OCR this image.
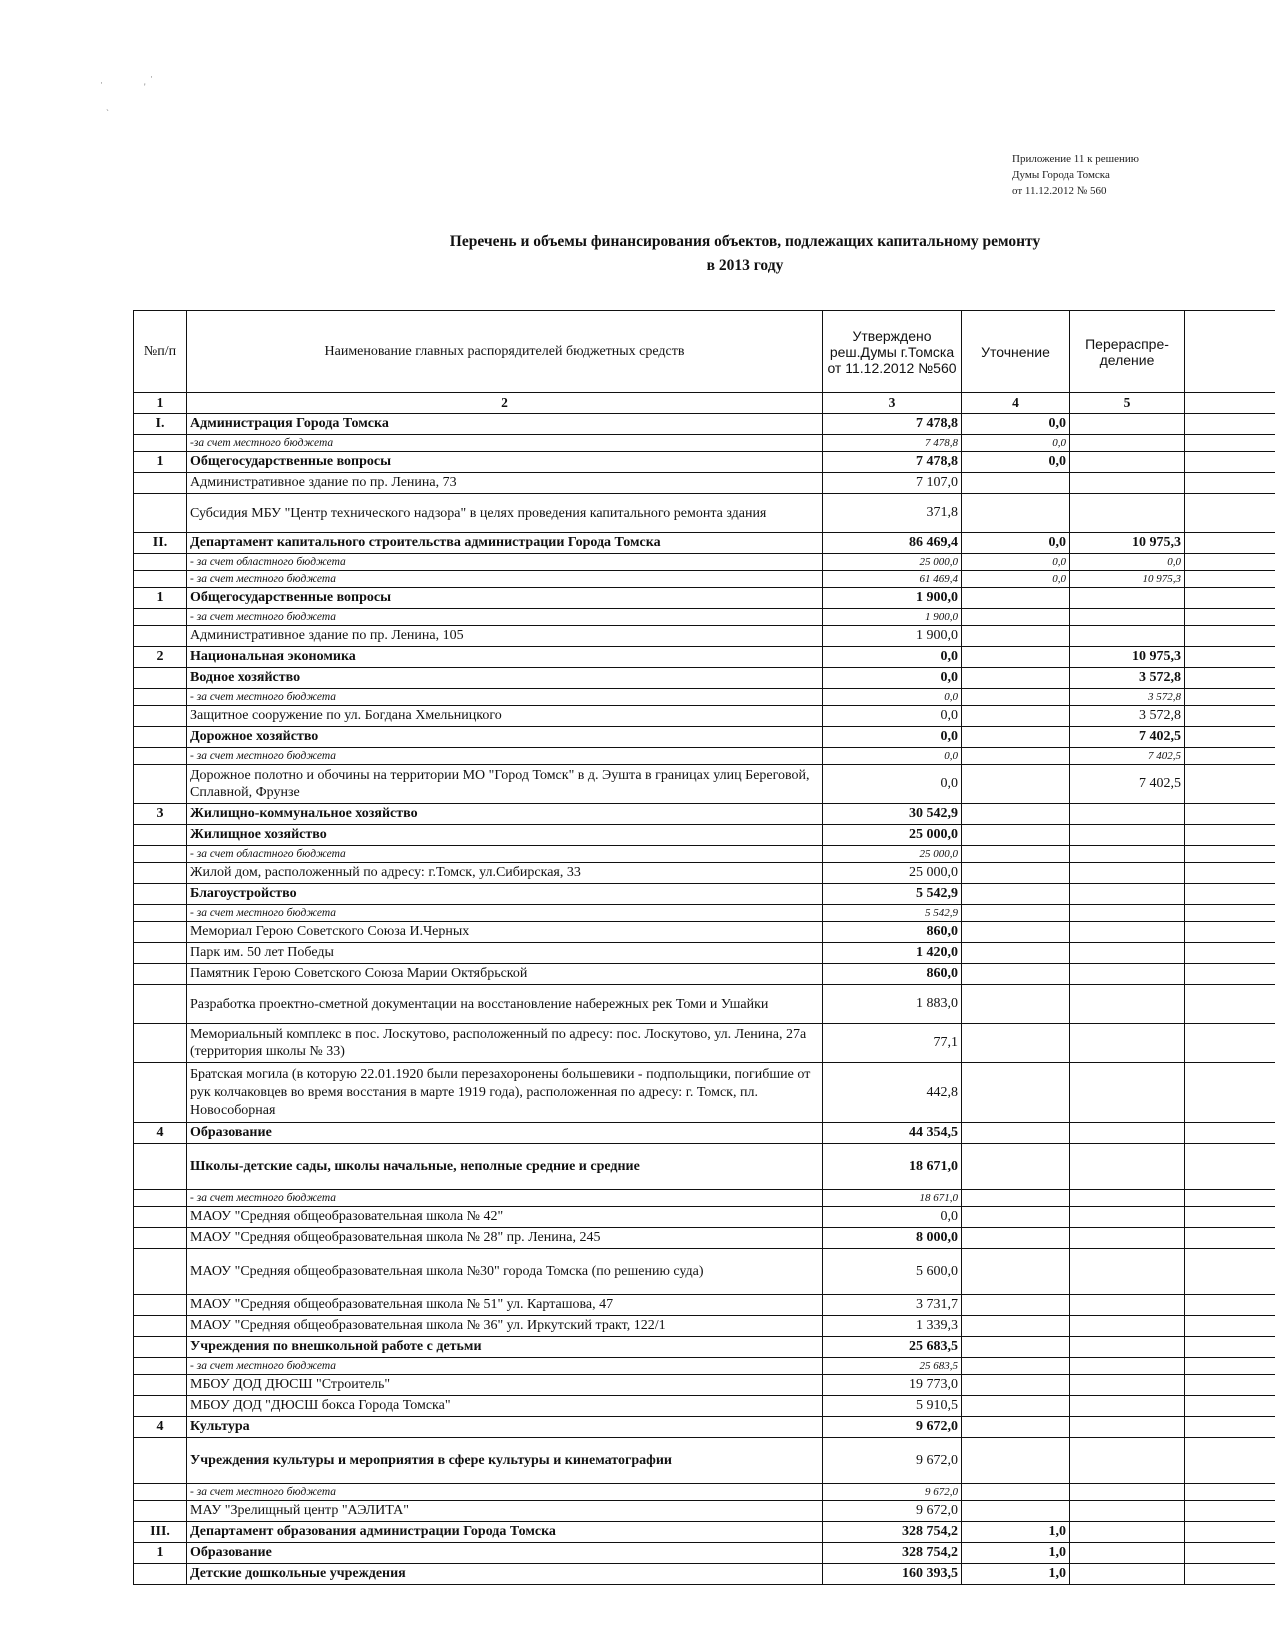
·
'
·
`
Приложение 11 к решению
Думы Города Томска
от 11.12.2012 № 560
Перечень и объемы финансирования объектов, подлежащих капитальному ремонту
в 2013 году
№п/п	Наименование главных распорядителей бюджетных средств	Утверждено реш.Думы г.Томска от 11.12.2012 №560	Уточнение	Перераспре-деление	
1	2	3	4	5	
I.	Администрация Города Томска	7 478,8	0,0		
	-за счет местного бюджета	7 478,8	0,0		
1	Общегосударственные вопросы	7 478,8	0,0		
	Административное здание по пр. Ленина, 73	7 107,0			
	Субсидия МБУ "Центр технического надзора" в целях проведения капитального ремонта здания	371,8			
II.	Департамент капитального строительства администрации Города Томска	86 469,4	0,0	10 975,3	
	- за счет областного бюджета	25 000,0	0,0	0,0	
	- за счет местного бюджета	61 469,4	0,0	10 975,3	
1	Общегосударственные вопросы	1 900,0			
	- за счет местного бюджета	1 900,0			
	Административное здание по пр. Ленина, 105	1 900,0			
2	Национальная экономика	0,0		10 975,3	
	Водное хозяйство	0,0		3 572,8	
	- за счет местного бюджета	0,0		3 572,8	
	Защитное сооружение по ул. Богдана Хмельницкого	0,0		3 572,8	
	Дорожное хозяйство	0,0		7 402,5	
	- за счет местного бюджета	0,0		7 402,5	
	Дорожное полотно и обочины на территории МО "Город Томск" в д. Эушта в границах улиц Береговой, Сплавной, Фрунзе	0,0		7 402,5	
3	Жилищно-коммунальное хозяйство	30 542,9			
	Жилищное хозяйство	25 000,0			
	- за счет областного бюджета	25 000,0			
	Жилой дом, расположенный по адресу: г.Томск, ул.Сибирская, 33	25 000,0			
	Благоустройство	5 542,9			
	- за счет местного бюджета	5 542,9			
	Мемориал Герою Советского Союза И.Черных	860,0			
	Парк им. 50 лет Победы	1 420,0			
	Памятник Герою Советского Союза Марии Октябрьской	860,0			
	Разработка проектно-сметной документации на восстановление набережных рек Томи и Ушайки	1 883,0			
	Мемориальный комплекс в пос. Лоскутово, расположенный по адресу: пос. Лоскутово, ул. Ленина, 27а (территория школы № 33)	77,1			
	Братская могила (в которую 22.01.1920 были перезахоронены большевики - подпольщики, погибшие от рук колчаковцев во время восстания в марте 1919 года), расположенная по адресу: г. Томск, пл. Новособорная	442,8			
4	Образование	44 354,5			
	Школы-детские сады, школы начальные, неполные средние и средние	18 671,0			
	- за счет местного бюджета	18 671,0			
	МАОУ "Средняя общеобразовательная школа № 42"	0,0			
	МАОУ "Средняя общеобразовательная школа № 28" пр. Ленина, 245	8 000,0			
	МАОУ "Средняя общеобразовательная школа №30" города Томска (по решению суда)	5 600,0			
	МАОУ "Средняя общеобразовательная школа № 51" ул. Карташова, 47	3 731,7			
	МАОУ "Средняя общеобразовательная школа № 36" ул. Иркутский тракт, 122/1	1 339,3			
	Учреждения по внешкольной работе с детьми	25 683,5			
	- за счет местного бюджета	25 683,5			
	МБОУ ДОД ДЮСШ "Строитель"	19 773,0			
	МБОУ ДОД "ДЮСШ бокса Города Томска"	5 910,5			
4	Культура	9 672,0			
	Учреждения культуры и мероприятия в сфере культуры и кинематографии	9 672,0			
	- за счет местного бюджета	9 672,0			
	МАУ "Зрелищный центр "АЭЛИТА"	9 672,0			
III.	Департамент образования администрации Города Томска	328 754,2	1,0		
1	Образование	328 754,2	1,0		
	Детские дошкольные учреждения	160 393,5	1,0		
